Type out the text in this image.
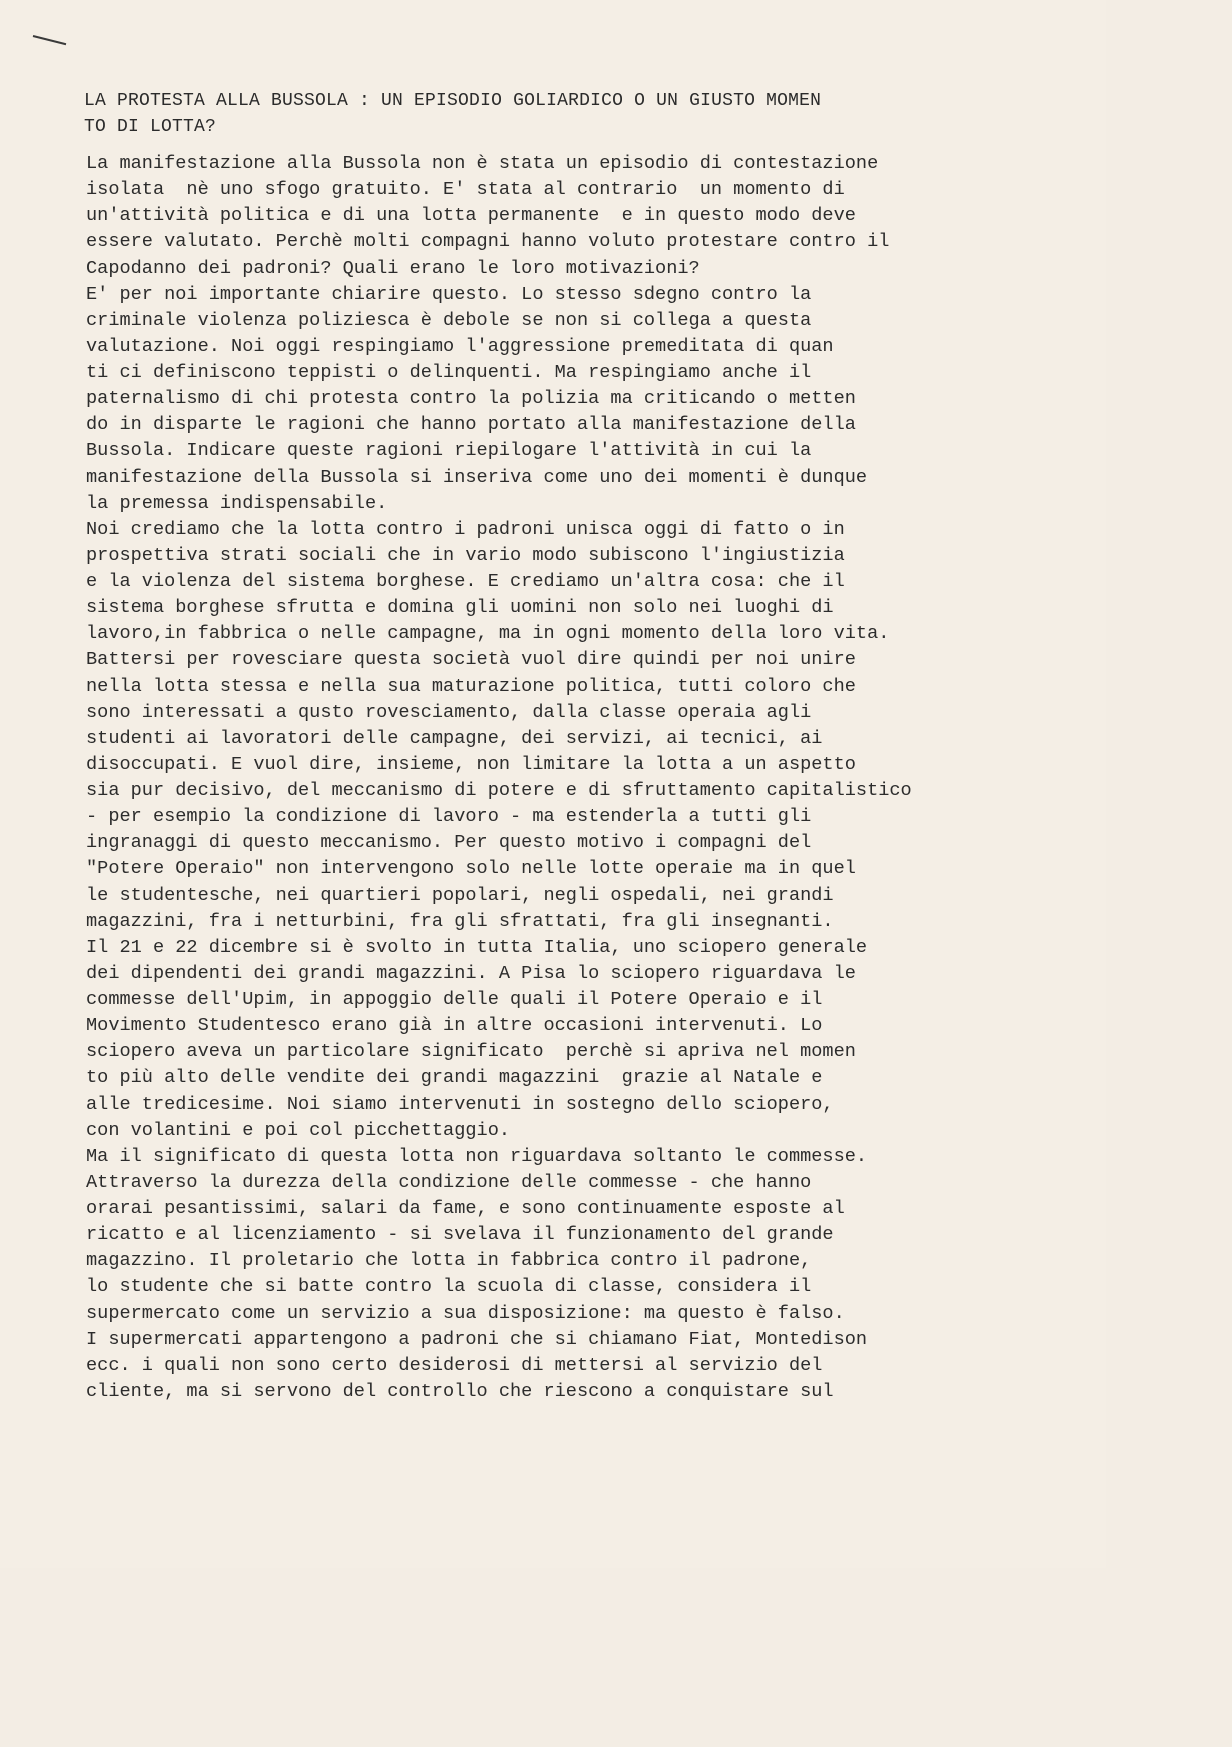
LA PROTESTA ALLA BUSSOLA : UN EPISODIO GOLIARDICO O UN GIUSTO MOMEN
TO DI LOTTA?
La manifestazione alla Bussola non è stata un episodio di contestazione
isolata  nè uno sfogo gratuito. E' stata al contrario  un momento di
un'attività politica e di una lotta permanente  e in questo modo deve
essere valutato. Perchè molti compagni hanno voluto protestare contro il
Capodanno dei padroni? Quali erano le loro motivazioni?
E' per noi importante chiarire questo. Lo stesso sdegno contro la
criminale violenza poliziesca è debole se non si collega a questa
valutazione. Noi oggi respingiamo l'aggressione premeditata di quan
ti ci definiscono teppisti o delinquenti. Ma respingiamo anche il
paternalismo di chi protesta contro la polizia ma criticando o metten
do in disparte le ragioni che hanno portato alla manifestazione della
Bussola. Indicare queste ragioni riepilogare l'attività in cui la
manifestazione della Bussola si inseriva come uno dei momenti è dunque
la premessa indispensabile.
Noi crediamo che la lotta contro i padroni unisca oggi di fatto o in
prospettiva strati sociali che in vario modo subiscono l'ingiustizia
e la violenza del sistema borghese. E crediamo un'altra cosa: che il
sistema borghese sfrutta e domina gli uomini non solo nei luoghi di
lavoro,in fabbrica o nelle campagne, ma in ogni momento della loro vita.
Battersi per rovesciare questa società vuol dire quindi per noi unire
nella lotta stessa e nella sua maturazione politica, tutti coloro che
sono interessati a qusto rovesciamento, dalla classe operaia agli
studenti ai lavoratori delle campagne, dei servizi, ai tecnici, ai
disoccupati. E vuol dire, insieme, non limitare la lotta a un aspetto
sia pur decisivo, del meccanismo di potere e di sfruttamento capitalistico
- per esempio la condizione di lavoro - ma estenderla a tutti gli
ingranaggi di questo meccanismo. Per questo motivo i compagni del
"Potere Operaio" non intervengono solo nelle lotte operaie ma in quel
le studentesche, nei quartieri popolari, negli ospedali, nei grandi
magazzini, fra i netturbini, fra gli sfrattati, fra gli insegnanti.
Il 21 e 22 dicembre si è svolto in tutta Italia, uno sciopero generale
dei dipendenti dei grandi magazzini. A Pisa lo sciopero riguardava le
commesse dell'Upim, in appoggio delle quali il Potere Operaio e il
Movimento Studentesco erano già in altre occasioni intervenuti. Lo
sciopero aveva un particolare significato  perchè si apriva nel momen
to più alto delle vendite dei grandi magazzini  grazie al Natale e
alle tredicesime. Noi siamo intervenuti in sostegno dello sciopero,
con volantini e poi col picchettaggio.
Ma il significato di questa lotta non riguardava soltanto le commesse.
Attraverso la durezza della condizione delle commesse - che hanno
orarai pesantissimi, salari da fame, e sono continuamente esposte al
ricatto e al licenziamento - si svelava il funzionamento del grande
magazzino. Il proletario che lotta in fabbrica contro il padrone,
lo studente che si batte contro la scuola di classe, considera il
supermercato come un servizio a sua disposizione: ma questo è falso.
I supermercati appartengono a padroni che si chiamano Fiat, Montedison
ecc. i quali non sono certo desiderosi di mettersi al servizio del
cliente, ma si servono del controllo che riescono a conquistare sul
